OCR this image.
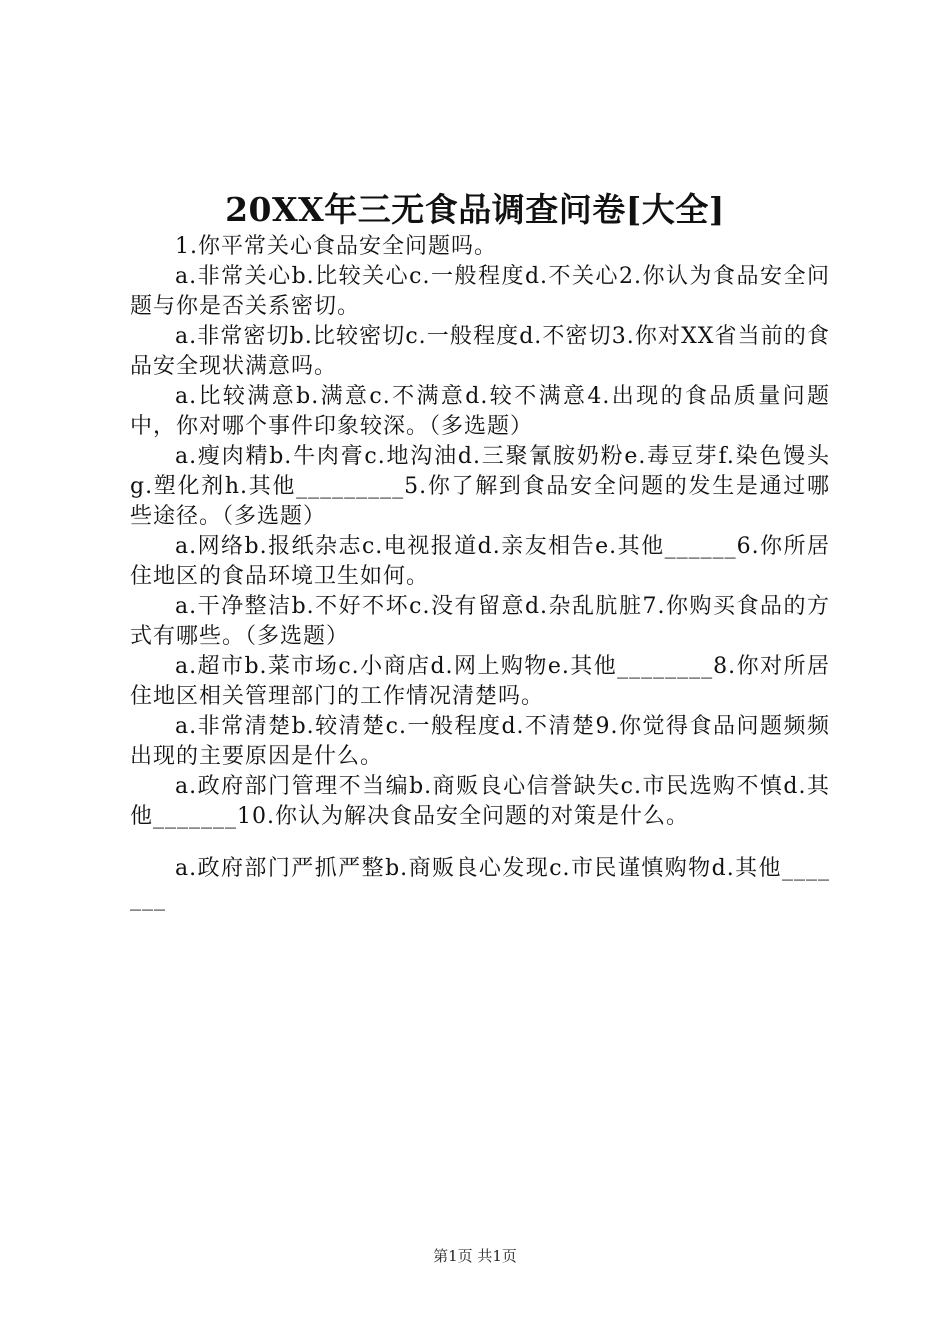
20XX年三无食品调查问卷[大全]

1.你平常关心食品安全问题吗。

a.非常关心b.比较关心c.一般程度d.不关心2.你认为食品安全问题与你是否关系密切。

a.非常密切b.比较密切c.一般程度d.不密切3.你对XX省当前的食品安全现状满意吗。

a.比较满意b.满意c.不满意d.较不满意4.出现的食品质量问题中，你对哪个事件印象较深。（多选题）

a.瘦肉精b.牛肉膏c.地沟油d.三聚氰胺奶粉e.毒豆芽f.染色馒头g.塑化剂h.其他_________5.你了解到食品安全问题的发生是通过哪些途径。（多选题）

a.网络b.报纸杂志c.电视报道d.亲友相告e.其他______6.你所居住地区的食品环境卫生如何。

a.干净整洁b.不好不坏c.没有留意d.杂乱肮脏7.你购买食品的方式有哪些。（多选题）

a.超市b.菜市场c.小商店d.网上购物e.其他________8.你对所居住地区相关管理部门的工作情况清楚吗。

a.非常清楚b.较清楚c.一般程度d.不清楚9.你觉得食品问题频频出现的主要原因是什么。

a.政府部门管理不当编b.商贩良心信誉缺失c.市民选购不慎d.其他_______10.你认为解决食品安全问题的对策是什么。

a.政府部门严抓严整b.商贩良心发现c.市民谨慎购物d.其他_______

第1页 共1页
